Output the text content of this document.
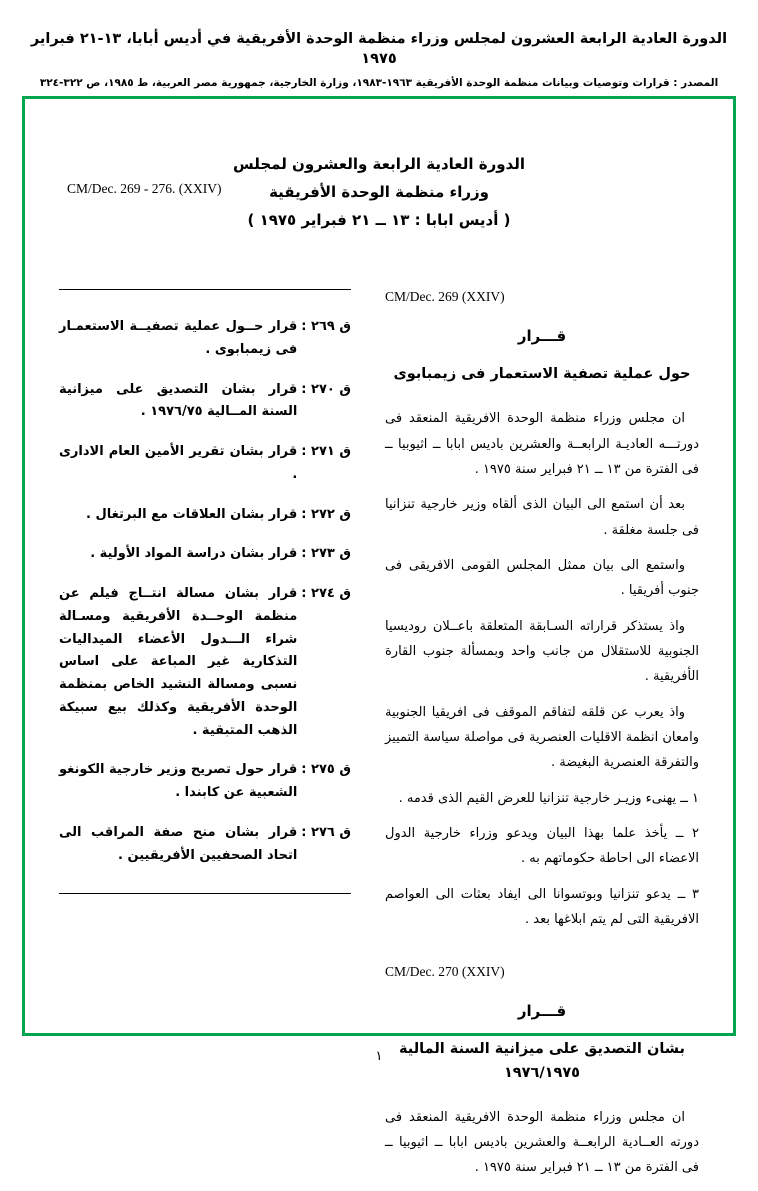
الدورة العادية الرابعة العشرون لمجلس وزراء منظمة الوحدة الأفريقية في أديس أبابا، ١٣-٢١ فبراير ١٩٧٥
المصدر : قرارات وتوصيات وبيانات منظمة الوحدة الأفريقية ١٩٦٣-١٩٨٣، وزارة الخارجية، جمهورية مصر العربية، ط ١٩٨٥، ص ٣٢٢-٣٢٤
CM/Dec. 269 - 276. (XXIV)
الدورة العادية الرابعة والعشرون لمجلس
وزراء منظمة الوحدة الأفريقية
( أديس ابابا : ١٣ ــ ٢١ فبراير ١٩٧٥ )
CM/Dec. 269 (XXIV)
قـــرار
حول عملية تصفية الاستعمار فى زيمبابوى
ان مجلس وزراء منظمة الوحدة الافريقية المنعقد فى دورتـــه العاديـة الرابعــة والعشرين باديس ابابا ــ اثيوبيا ــ فى الفترة من ١٣ ــ ٢١ فبراير سنة ١٩٧٥ .
بعد أن استمع الى البيان الذى ألقاه وزير خارجية تنزانيا فى جلسة مغلقة .
واستمع الى بيان ممثل المجلس القومى الافريقى فى جنوب أفريقيا .
واذ يستذكر قراراته السـابقة المتعلقة باعــلان روديسيا الجنوبية للاستقلال من جانب واحد وبمسألة جنوب القارة الأفريقية .
واذ يعرب عن قلقه لتفاقم الموقف فى افريقيا الجنوبية وامعان انظمة الاقليات العنصرية فى مواصلة سياسة التمييز والتفرقة العنصرية البغيضة .
١ ــ يهنىء وزيـر خارجية تنزانيا للعرض القيم الذى قدمه .
٢ ــ يأخذ علما بهذا البيان ويدعو وزراء خارجية الدول الاعضاء الى احاطة حكوماتهم به .
٣ ــ يدعو تنزانيا وبوتسوانا الى ايفاد بعثات الى العواصم الافريقية التى لم يتم ابلاغها بعد .
CM/Dec. 270 (XXIV)
قـــرار
بشان التصديق على ميزانية السنة المالية ١٩٧٦/١٩٧٥
ان مجلس وزراء منظمة الوحدة الافريقية المنعقد فى دورته العــادية الرابعــة والعشرين باديس ابابا ــ اثيوبيا ــ فى الفترة من ١٣ ــ ٢١ فبراير سنة ١٩٧٥ .
ق ٢٦٩ :
قرار حــول عملية تصفيــة الاستعمـار فى زيمبابوى .
ق ٢٧٠ :
قرار بشان التصديق على ميزانية السنة المــالية ١٩٧٦/٧٥ .
ق ٢٧١ :
قرار بشان تقرير الأمين العام الادارى .
ق ٢٧٢ :
قرار بشان العلاقات مع البرتغال .
ق ٢٧٣ :
قرار بشان دراسة المواد الأولية .
ق ٢٧٤ :
قرار بشان مسالة انتــاج فيلم عن منظمة الوحــدة الأفريقية ومسـالة شراء الـــدول الأعضاء الميداليات التذكارية غير المباعة على اساس نسبى ومسالة النشيد الخاص بمنظمة الوحدة الأفريقية وكذلك بيع سبيكة الذهب المتبقية .
ق ٢٧٥ :
قرار حول تصريح وزير خارجية الكونغو الشعبية عن كابندا .
ق ٢٧٦ :
قرار بشان منح صفة المراقب الى اتحاد الصحفيين الأفريقيين .
١
